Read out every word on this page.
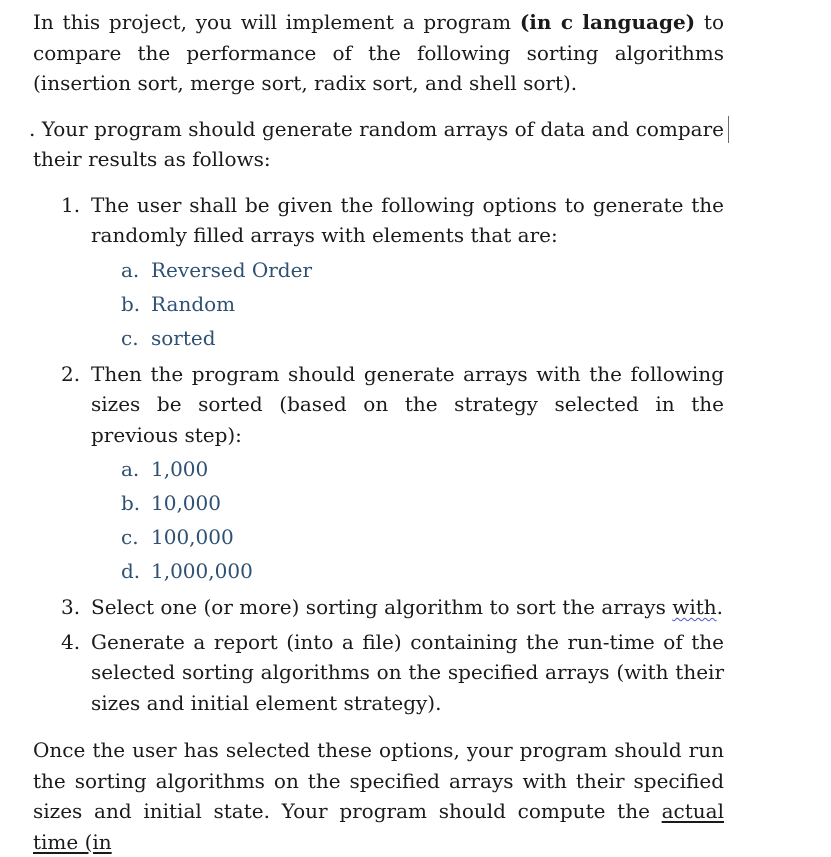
In this project, you will implement a program (in c language) to compare the performance of the following sorting algorithms (insertion sort, merge sort, radix sort, and shell sort).

. Your program should generate random arrays of data and compare their results as follows:

1. The user shall be given the following options to generate the randomly filled arrays with elements that are:
a. Reversed Order
b. Random
c. sorted
2. Then the program should generate arrays with the following sizes be sorted (based on the strategy selected in the previous step):
a. 1,000
b. 10,000
c. 100,000
d. 1,000,000
3. Select one (or more) sorting algorithm to sort the arrays with.
4. Generate a report (into a file) containing the run-time of the selected sorting algorithms on the specified arrays (with their sizes and initial element strategy).

Once the user has selected these options, your program should run the sorting algorithms on the specified arrays with their specified sizes and initial state. Your program should compute the actual time (in
